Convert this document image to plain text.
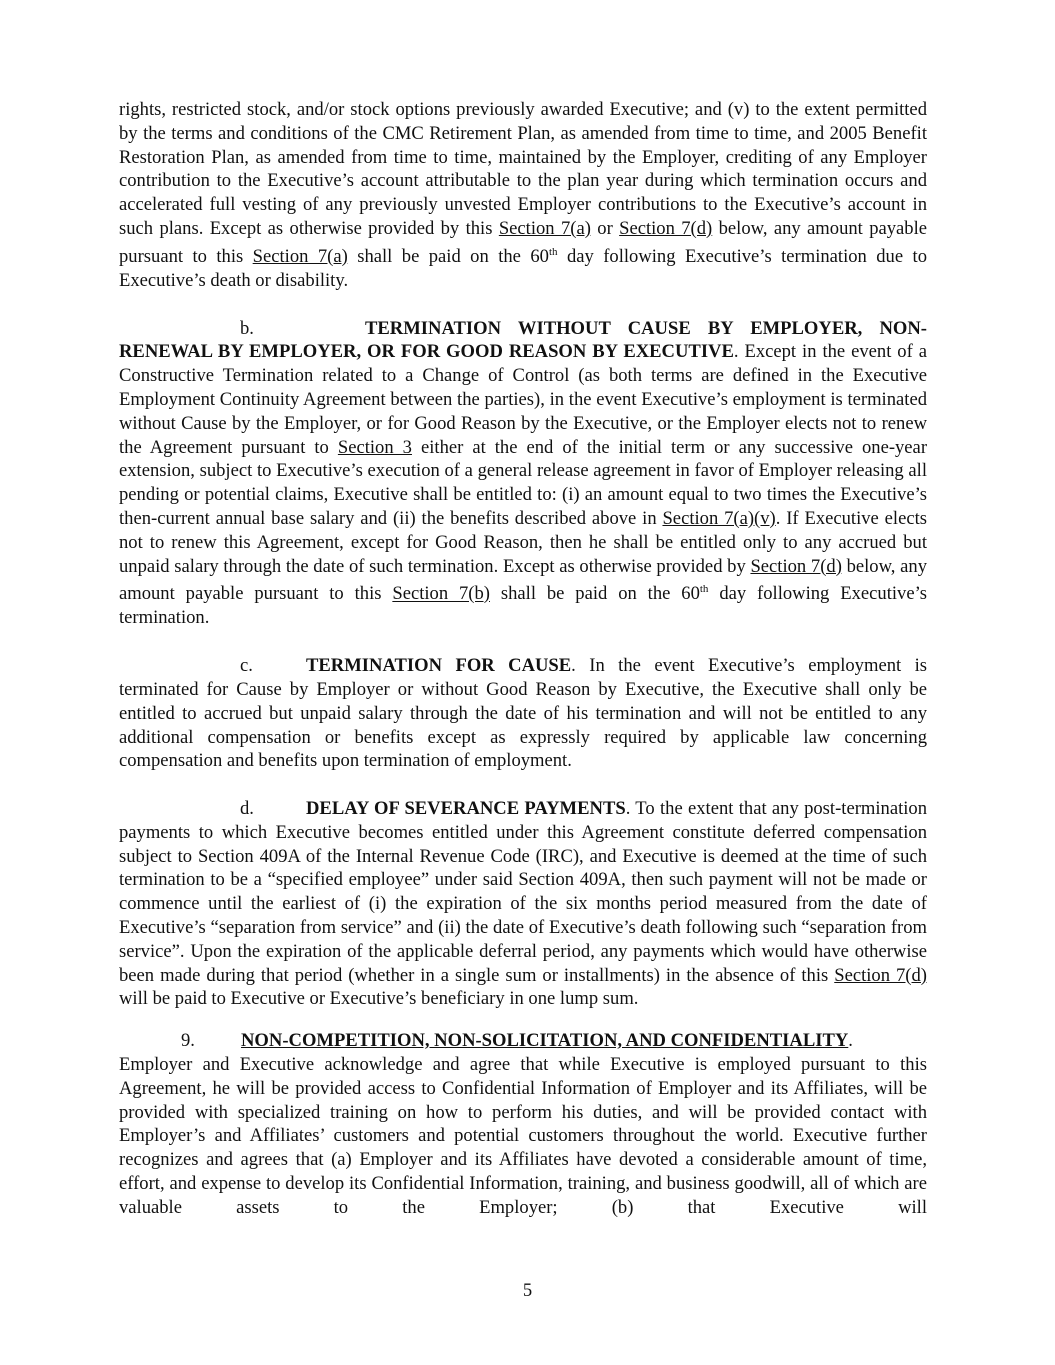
rights, restricted stock, and/or stock options previously awarded Executive; and (v) to the extent permitted by the terms and conditions of the CMC Retirement Plan, as amended from time to time, and 2005 Benefit Restoration Plan, as amended from time to time, maintained by the Employer, crediting of any Employer contribution to the Executive’s account attributable to the plan year during which termination occurs and accelerated full vesting of any previously unvested Employer contributions to the Executive’s account in such plans. Except as otherwise provided by this Section 7(a) or Section 7(d) below, any amount payable pursuant to this Section 7(a) shall be paid on the 60th day following Executive’s termination due to Executive’s death or disability.

b.	TERMINATION WITHOUT CAUSE BY EMPLOYER, NON-RENEWAL BY EMPLOYER, OR FOR GOOD REASON BY EXECUTIVE. Except in the event of a Constructive Termination related to a Change of Control (as both terms are defined in the Executive Employment Continuity Agreement between the parties), in the event Executive’s employment is terminated without Cause by the Employer, or for Good Reason by the Executive, or the Employer elects not to renew the Agreement pursuant to Section 3 either at the end of the initial term or any successive one-year extension, subject to Executive’s execution of a general release agreement in favor of Employer releasing all pending or potential claims, Executive shall be entitled to: (i) an amount equal to two times the Executive’s then-current annual base salary and (ii) the benefits described above in Section 7(a)(v). If Executive elects not to renew this Agreement, except for Good Reason, then he shall be entitled only to any accrued but unpaid salary through the date of such termination. Except as otherwise provided by Section 7(d) below, any amount payable pursuant to this Section 7(b) shall be paid on the 60th day following Executive’s termination.

c.	TERMINATION FOR CAUSE. In the event Executive’s employment is terminated for Cause by Employer or without Good Reason by Executive, the Executive shall only be entitled to accrued but unpaid salary through the date of his termination and will not be entitled to any additional compensation or benefits except as expressly required by applicable law concerning compensation and benefits upon termination of employment.

d.	DELAY OF SEVERANCE PAYMENTS. To the extent that any post-termination payments to which Executive becomes entitled under this Agreement constitute deferred compensation subject to Section 409A of the Internal Revenue Code (IRC), and Executive is deemed at the time of such termination to be a “specified employee” under said Section 409A, then such payment will not be made or commence until the earliest of (i) the expiration of the six months period measured from the date of Executive’s “separation from service” and (ii) the date of Executive’s death following such “separation from service”. Upon the expiration of the applicable deferral period, any payments which would have otherwise been made during that period (whether in a single sum or installments) in the absence of this Section 7(d) will be paid to Executive or Executive’s beneficiary in one lump sum.

9. NON-COMPETITION, NON-SOLICITATION, AND CONFIDENTIALITY.

Employer and Executive acknowledge and agree that while Executive is employed pursuant to this Agreement, he will be provided access to Confidential Information of Employer and its Affiliates, will be provided with specialized training on how to perform his duties, and will be provided contact with Employer’s and Affiliates’ customers and potential customers throughout the world. Executive further recognizes and agrees that (a) Employer and its Affiliates have devoted a considerable amount of time, effort, and expense to develop its Confidential Information, training, and business goodwill, all of which are valuable assets to the Employer; (b) that Executive will

5
